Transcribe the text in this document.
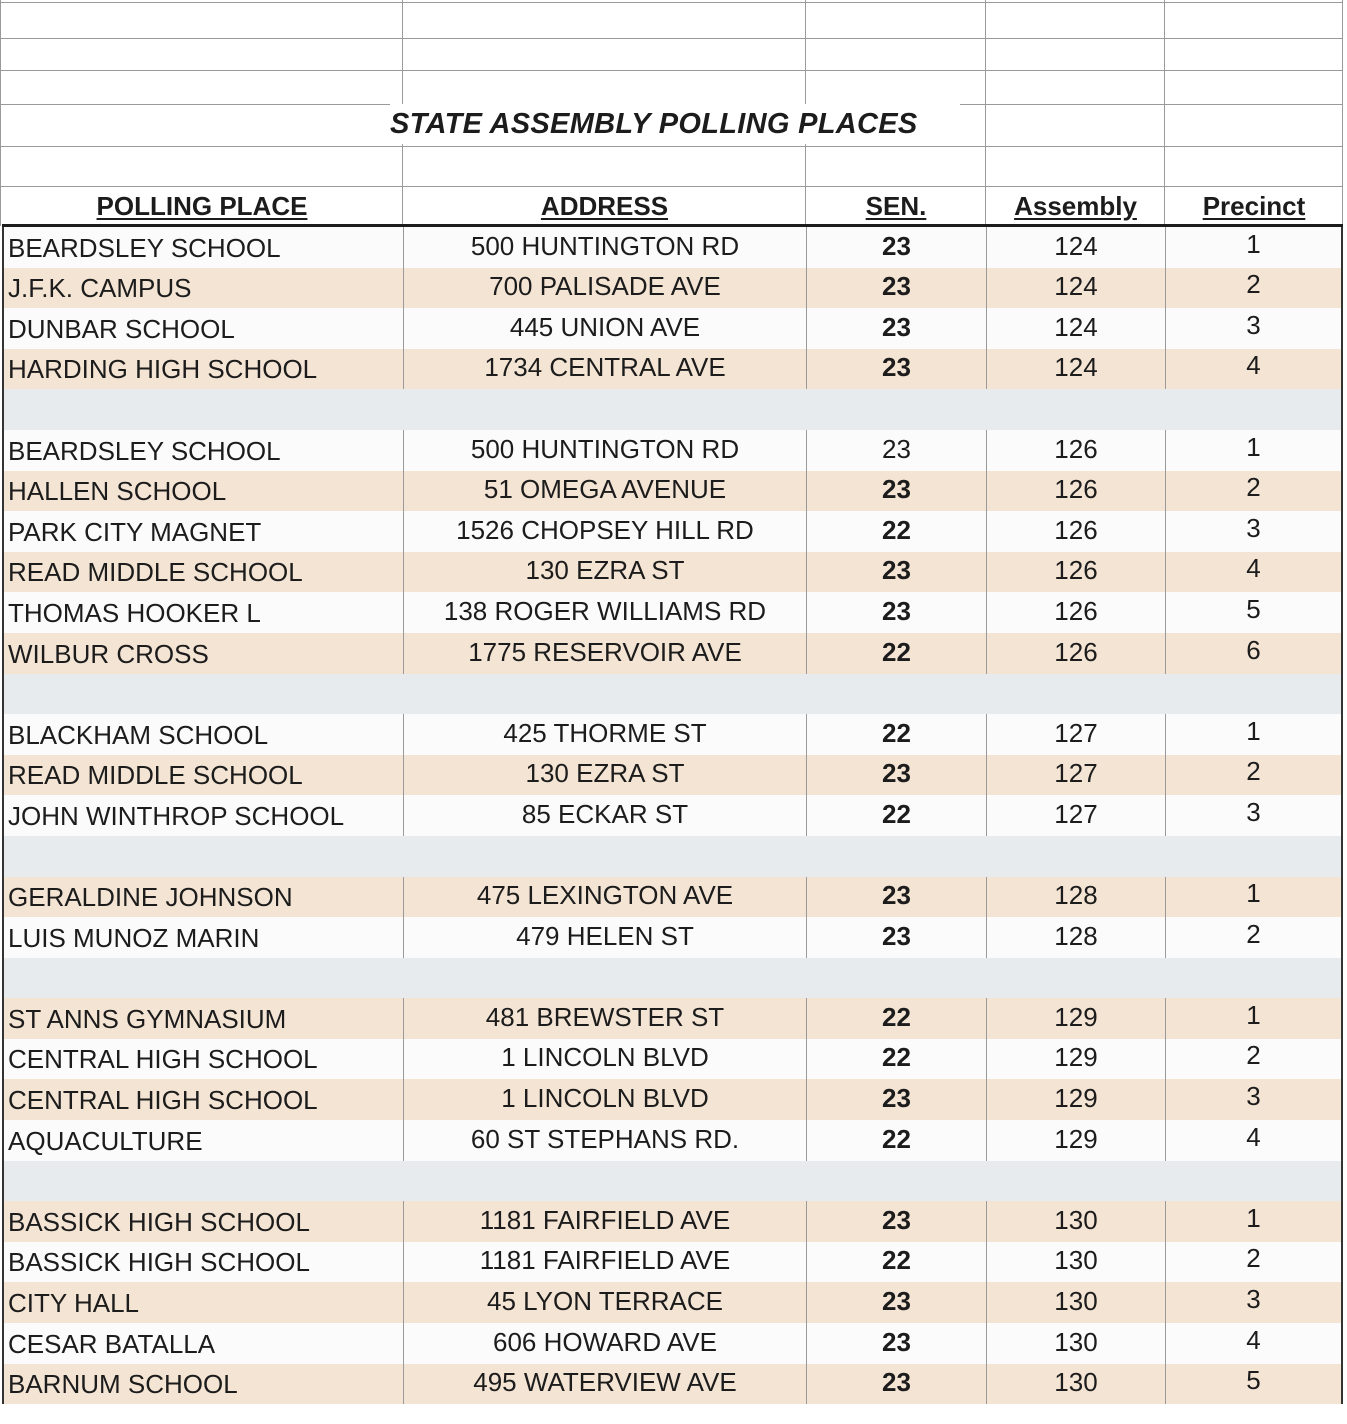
STATE ASSEMBLY POLLING PLACES
POLLING PLACE	ADDRESS	SEN.	Assembly	Precinct
BEARDSLEY SCHOOL	500 HUNTINGTON RD	23	124	1
J.F.K. CAMPUS	700 PALISADE AVE	23	124	2
DUNBAR SCHOOL	445 UNION AVE	23	124	3
HARDING HIGH SCHOOL	1734 CENTRAL AVE	23	124	4
BEARDSLEY SCHOOL	500 HUNTINGTON RD	23	126	1
HALLEN SCHOOL	51 OMEGA AVENUE	23	126	2
PARK CITY MAGNET	1526 CHOPSEY HILL RD	22	126	3
READ MIDDLE SCHOOL	130 EZRA ST	23	126	4
THOMAS HOOKER L	138 ROGER WILLIAMS RD	23	126	5
WILBUR CROSS	1775 RESERVOIR AVE	22	126	6
BLACKHAM SCHOOL	425 THORME ST	22	127	1
READ MIDDLE SCHOOL	130 EZRA ST	23	127	2
JOHN WINTHROP SCHOOL	85 ECKAR ST	22	127	3
GERALDINE JOHNSON	475 LEXINGTON AVE	23	128	1
LUIS MUNOZ MARIN	479 HELEN ST	23	128	2
ST ANNS GYMNASIUM	481 BREWSTER ST	22	129	1
CENTRAL HIGH SCHOOL	1 LINCOLN BLVD	22	129	2
CENTRAL HIGH SCHOOL	1 LINCOLN BLVD	23	129	3
AQUACULTURE	60 ST STEPHANS RD.	22	129	4
BASSICK HIGH SCHOOL	1181 FAIRFIELD AVE	23	130	1
BASSICK HIGH SCHOOL	1181 FAIRFIELD AVE	22	130	2
CITY HALL	45 LYON TERRACE	23	130	3
CESAR BATALLA	606 HOWARD AVE	23	130	4
BARNUM SCHOOL	495 WATERVIEW AVE	23	130	5
